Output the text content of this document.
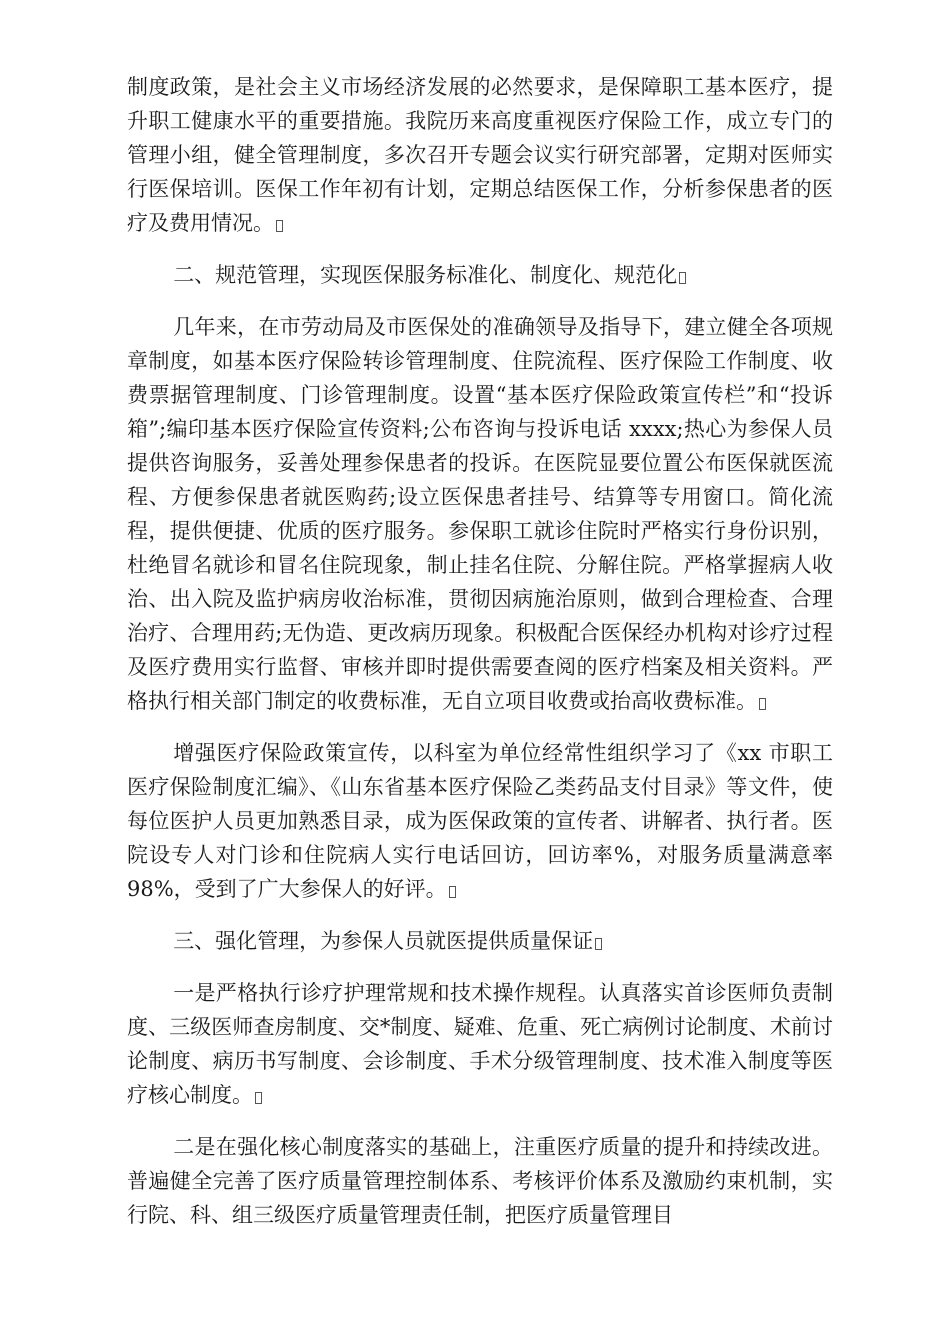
制度政策，是社会主义市场经济发展的必然要求，是保障职工基本医疗，提升职工健康水平的重要措施。我院历来高度重视医疗保险工作，成立专门的管理小组，健全管理制度，多次召开专题会议实行研究部署，定期对医师实行医保培训。医保工作年初有计划，定期总结医保工作，分析参保患者的医疗及费用情况。

二、规范管理，实现医保服务标准化、制度化、规范化

几年来，在市劳动局及市医保处的准确领导及指导下，建立健全各项规章制度，如基本医疗保险转诊管理制度、住院流程、医疗保险工作制度、收费票据管理制度、门诊管理制度。设置“基本医疗保险政策宣传栏”和“投诉箱”;编印基本医疗保险宣传资料;公布咨询与投诉电话 xxxx;热心为参保人员提供咨询服务，妥善处理参保患者的投诉。在医院显要位置公布医保就医流程、方便参保患者就医购药;设立医保患者挂号、结算等专用窗口。简化流程，提供便捷、优质的医疗服务。参保职工就诊住院时严格实行身份识别，杜绝冒名就诊和冒名住院现象，制止挂名住院、分解住院。严格掌握病人收治、出入院及监护病房收治标准，贯彻因病施治原则，做到合理检查、合理治疗、合理用药;无伪造、更改病历现象。积极配合医保经办机构对诊疗过程及医疗费用实行监督、审核并即时提供需要查阅的医疗档案及相关资料。严格执行相关部门制定的收费标准，无自立项目收费或抬高收费标准。

增强医疗保险政策宣传，以科室为单位经常性组织学习了《xx 市职工医疗保险制度汇编》、《山东省基本医疗保险乙类药品支付目录》等文件，使每位医护人员更加熟悉目录，成为医保政策的宣传者、讲解者、执行者。医院设专人对门诊和住院病人实行电话回访，回访率%，对服务质量满意率 98%，受到了广大参保人的好评。

三、强化管理，为参保人员就医提供质量保证

一是严格执行诊疗护理常规和技术操作规程。认真落实首诊医师负责制度、三级医师查房制度、交*制度、疑难、危重、死亡病例讨论制度、术前讨论制度、病历书写制度、会诊制度、手术分级管理制度、技术准入制度等医疗核心制度。

二是在强化核心制度落实的基础上，注重医疗质量的提升和持续改进。普遍健全完善了医疗质量管理控制体系、考核评价体系及激励约束机制，实行院、科、组三级医疗质量管理责任制，把医疗质量管理目
